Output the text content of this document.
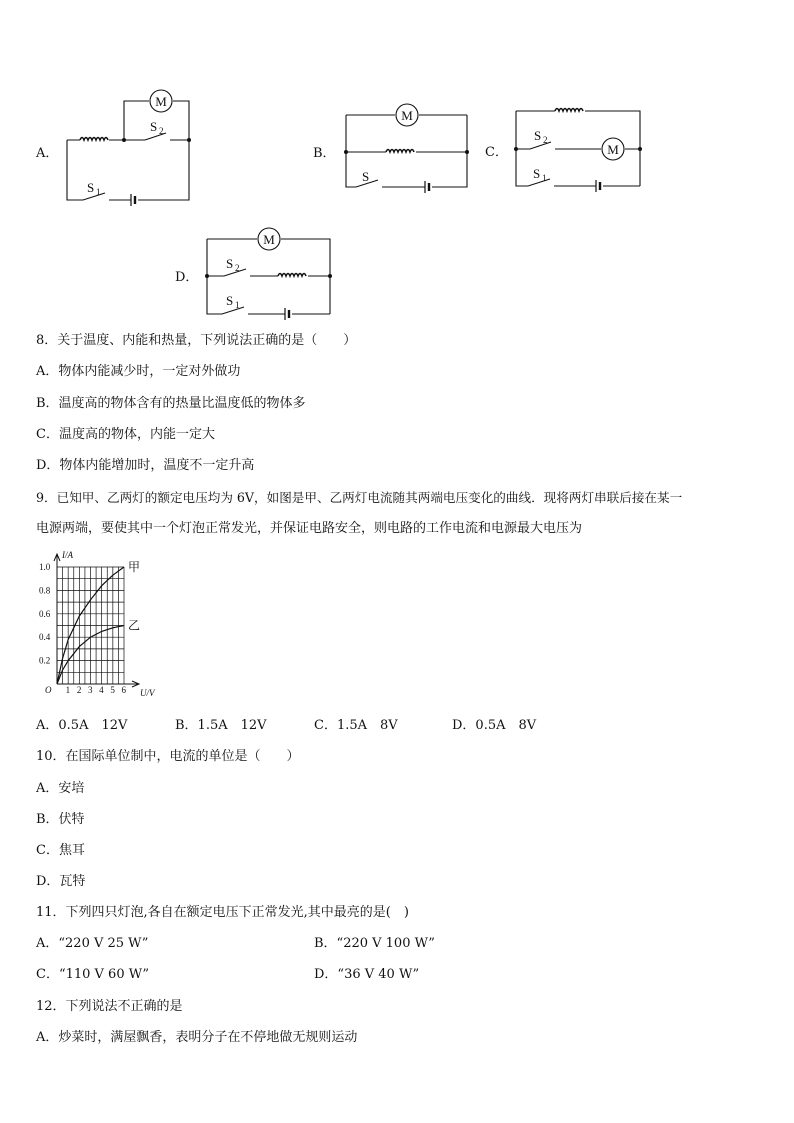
M
M
M
M
S 2
S 1
S
S 2
S 1
S 2
S 1
A．	B．	C．
D．
8．关于温度、内能和热量，下列说法正确的是（　　）
A．物体内能减少时，一定对外做功
B．温度高的物体含有的热量比温度低的物体多
C．温度高的物体，内能一定大
D．物体内能增加时，温度不一定升高
9．已知甲、乙两灯的额定电压均为 6V，如图是甲、乙两灯电流随其两端电压变化的曲线．现将两灯串联后接在某一
电源两端，要使其中一个灯泡正常发光，并保证电路安全，则电路的工作电流和电源最大电压为
1 2 3 4 5 6
0.2
0.4
0.6
0.8
1.0
O
I/A
U/V
甲
乙
A．0.5A　12V	B．1.5A　12V	C．1.5A　8V	D．0.5A　8V
10．在国际单位制中，电流的单位是（　　）
A．安培
B．伏特
C．焦耳
D．瓦特
11．下列四只灯泡,各自在额定电压下正常发光,其中最亮的是(　)
A．“220 V 25 W”	B．“220 V 100 W”
C．“110 V 60 W”	D．“36 V 40 W”
12．下列说法不正确的是
A．炒菜时，满屋飘香，表明分子在不停地做无规则运动
